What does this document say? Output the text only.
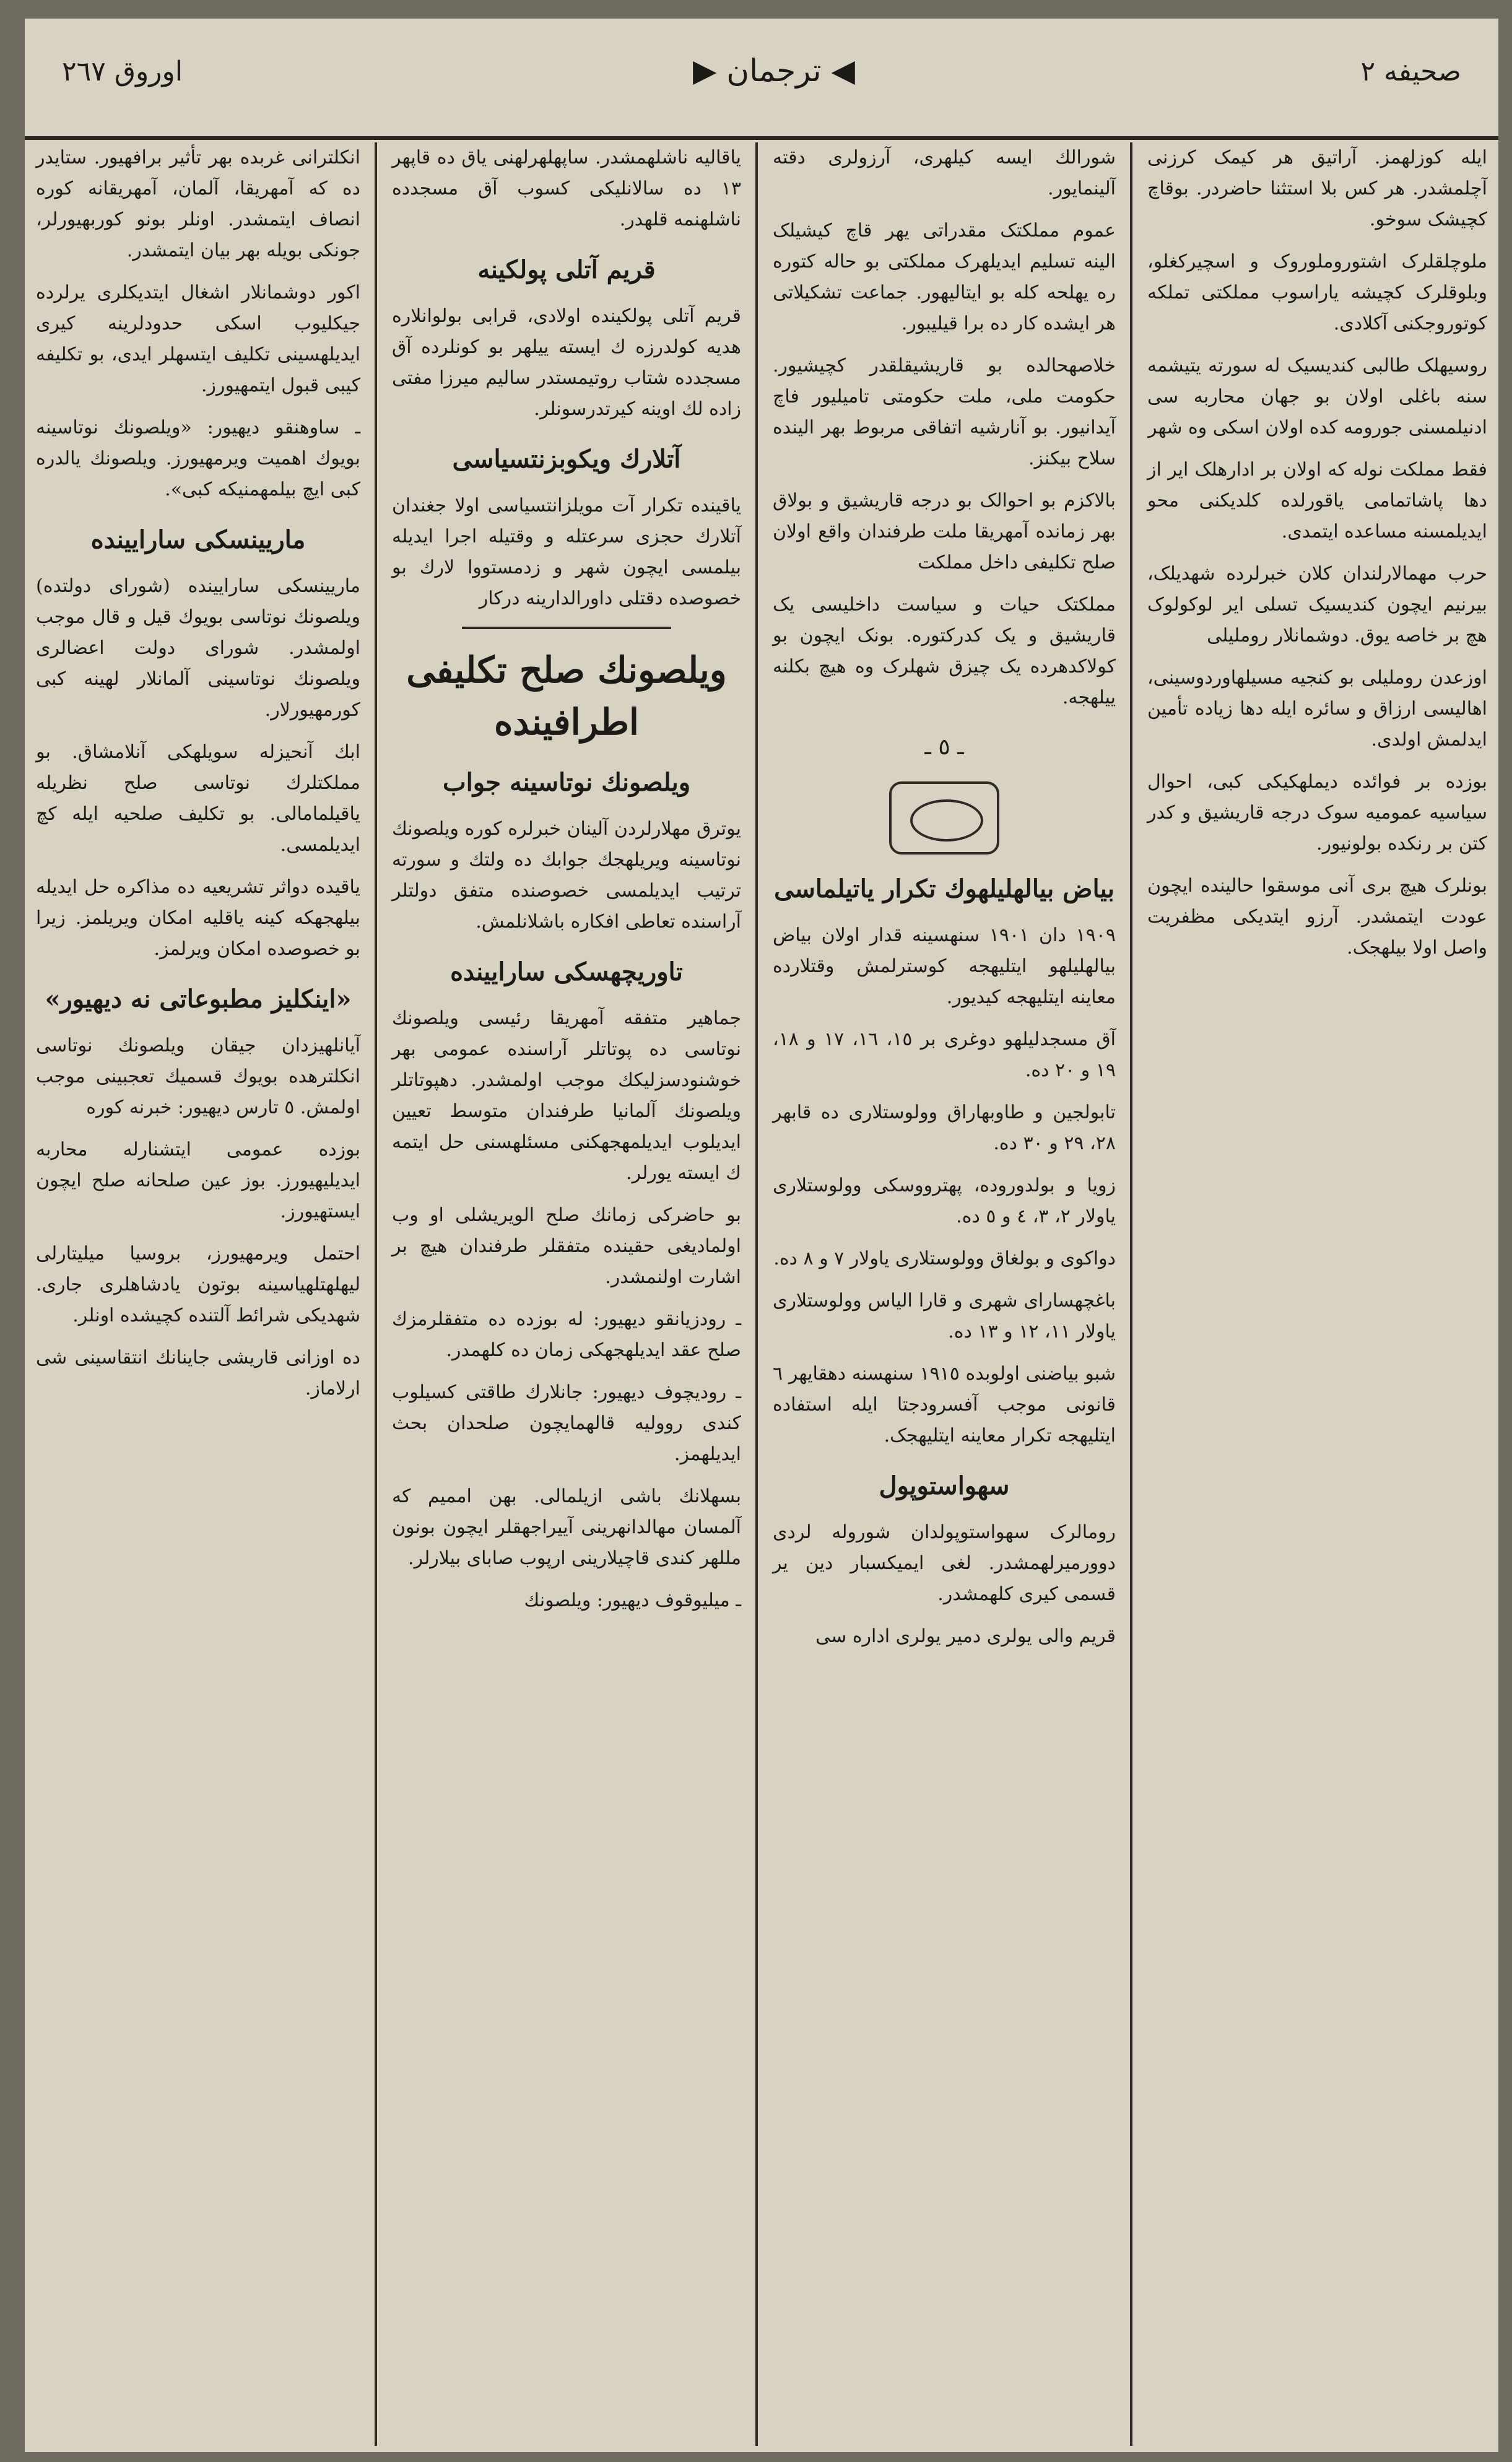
اوروق ٢٦٧	◀ ترجمان ▶	صحيفه ٢

ایله کوزلهمز. آراتیق هر کیمک کرزنی آچلمشدر. هر کس بلا استثنا حاضردر. بوقاچ کچیشک سوخو.

ملوچلقلرک اشتوروملوروک و اسچیرکغلو، وبلوقلرک کچیشه یاراسوب مملکتی تملکه کوتوروجکنی آکلادی.

روسیهلک طالبی کندیسیک له سورته یتیشمه سنه باغلی اولان بو جهان محاربه سی ادنیلمسنی جورومه کده اولان اسکی وه شهر

فقط مملکت نوله که اولان بر ادارهلک ایر از دها پاشاتمامی یاقورلده کلدیکنی محو ایدیلمسنه مساعده ایتمدی.

حرب مهمالارلندان کلان خبرلرده شهدیلک، بیرنیم ایچون کندیسیک تسلی ایر لوکولوک هچ بر خاصه یوق. دوشمانلار روملیلی

اوزعدن روملیلی بو کنجیه مسیلهاوردوسینی، اهالیسی ارزاق و سائره ایله دها زیاده تأمین ایدلمش اولدی.

بوزده بر فوائده دیملهکیکی کبی، احوال سیاسیه عمومیه سوک درجه قاریشیق و کدر کتن بر رنکده بولونیور.

بونلرک هیچ بری آنی موسقوا حالینده ایچون عودت ایتمشدر. آرزو ایتدیکی مظفریت واصل اولا بیلهجک.

شورالك ایسه کیلهری، آرزولری دقته آلینمایور.

عموم مملکتک مقدراتی یهر قاچ کیشیلک الینه تسلیم ایدیلهرک مملکتی بو حاله کتوره ره یهلحه کله بو ایتالیهور. جماعت تشکیلاتی هر ایشده کار ده برا قیلیبور.

خلاصهحالده بو قاریشیقلقدر کچیشیور. حکومت ملی، ملت حکومتی تامیلیور فاچ آیدانیور. بو آنارشیه اتفاقی مربوط بهر الینده سلاح بیکنز.

بالاکزم بو احوالک بو درجه قاریشیق و بولاق بهر زمانده آمهریقا ملت طرفندان واقع اولان صلح تکلیفی داخل مملکت

مملکتک حیات و سیاست داخلیسی یک قاریشیق و یک کدرکتوره. بونک ایچون بو کولاکدهرده یک چیزق شهلرک وه هیچ بکلنه ییلهجه.

ـ ٥ ـ
بیاض بیالهلیلهوك تکرار یاتیلماسی

١٩٠٩ دان ١٩٠١ سنهسینه قدار اولان بیاض بیالهلیلهو ایتلیهجه کوسترلمش وقتلارده معاینه ایتلیهجه کیدیور.

آق مسجدلیلهو دوغری بر ١٥، ١٦، ١٧ و ١٨، ١٩ و ٢٠ ده.

تابولجین و طاوبهاراق وولوستلاری ده قابهر ٢٨، ٢٩ و ٣٠ ده.

زویا و بولدوروده، پهترووسکی وولوستلاری یاولار ٢، ٣، ٤ و ٥ ده.

دواکوی و بولغاق وولوستلاری یاولار ٧ و ٨ ده.

باغچهسارای شهری و قارا الیاس وولوستلاری یاولار ١١، ١٢ و ١٣ ده.

شبو بیاضنی اولوبده ١٩١٥ سنهسنه دهقایهر ٦ قانونی موجب آفسرودجتا ایله استفاده ایتلیهجه تکرار معاینه ایتلیهجک.

سهواستوپول

رومالرک سهواستوپولدان شوروله لردی دوورمیرلهمشدر. لغی ایمیکسبار دین یر قسمی کیری کلهمشدر.

قریم والی یولری دمیر یولری اداره سی

یاقالیه ناشلهمشدر. ساپهلهرلهنی یاق ده قاپهر ١٣ ده سالانلیکی کسوب آق مسجدده ناشلهنمه قلهدر.

قریم آتلی پولکینه

قریم آتلی پولکینده اولادی، قرابی بولوانلاره هدیه کولدرزه ك ایسته ییلهر بو کونلرده آق مسجدده شتاب روتیمستدر سالیم میرزا مفتی زاده لك اوینه کیرتدرسونلر.

آتلارك ویکوبزنتسیاسی

یاقینده تکرار آت مویلزانتسیاسی اولا جغندان آتلارك حجزی سرعتله و وقتیله اجرا ایدیله بیلمسی ایچون شهر و زدمستووا لارك بو خصوصده دقتلی داورالدارینه درکار

ویلصونك صلح تکلیفی اطرافینده
ویلصونك نوتاسینه جواب

یوترق مهلارلردن آلینان خبرلره کوره ویلصونك نوتاسینه ویریلهجك جوابك ده ولتك و سورته ترتیب ایدیلمسی خصوصنده متفق دولتلر آراسنده تعاطی افکاره باشلانلمش.

تاوریچهسکی سارایینده

جماهیر متفقه آمهریقا رئیسی ویلصونك نوتاسی ده پوتاتلر آراسنده عمومی بهر خوشنودسزلیکك موجب اولمشدر. دهپوتاتلر ویلصونك آلمانیا طرفندان متوسط تعیین ایدیلوب ایدیلمهجهکنی مسئلهسنی حل ایتمه ك ایسته یورلر.

بو حاضرکی زمانك صلح الویریشلی او وب اولمادیغی حقینده متفقلر طرفندان هیچ بر اشارت اولنمشدر.

ـ رودزیانقو دیهیور: له بوزده ده متفقلرمزك صلح عقد ایدیلهجهکی زمان ده کلهمدر.

ـ رودیچوف دیهیور: جانلارك طاقتی کسیلوب کندی روولیه قالهمایچون صلحدان بحث ایدیلهمز.

بسهلانك باشی ازیلمالی. بهن اممیم که آلمسان مهالدانهرینی آییراجهقلر ایچون بونون مللهر کندی قاچیلارینی ارپوب صابای بیلارلر.

ـ میلیوقوف دیهیور: ویلصونك

انکلترانی غربده بهر تأثیر برافهیور. ستایدر ده که آمهریقا، آلمان، آمهریقانه کوره انصاف ایتمشدر. اونلر بونو کوربهیورلر، جونکی بویله بهر بیان ایتمشدر.

اکور دوشمانلار اشغال ایتدیکلری یرلرده جیکلیوب اسکی حدودلرینه کیری ایدیلهسینی تکلیف ایتسهلر ایدی، بو تکلیفه کیبی قبول ایتمهیورز.

ـ ساوهنقو دیهیور: «ویلصونك نوتاسینه بویوك اهمیت ویرمهیورز. ویلصونك یالدره کبی ایچ بیلمهمنیکه کبی».

ماریینسکی سارایینده

ماریینسکی سارایینده (شورای دولتده) ویلصونك نوتاسی بویوك قیل و قال موجب اولمشدر. شورای دولت اعضالری ویلصونك نوتاسینی آلمانلار لهینه کبی کورمهیورلار.

ابك آنحیزله سویلهکی آنلامشاق. بو مملکتلرك نوتاسی صلح نظریله یاقیلمامالی. بو تکلیف صلحیه ایله کچ ایدیلمسی.

یاقیده دواثر تشریعیه ده مذاکره حل ایدیله بیلهجهکه کینه یاقلیه امکان ویریلمز. زیرا بو خصوصده امکان ویرلمز.

«اینکلیز مطبوعاتی نه دیهیور»

آیانلهیزدان جیقان ویلصونك نوتاسی انکلترهده بویوك قسمیك تعجبینی موجب اولمش. ٥ تارس دیهیور: خبرنه کوره

بوزده عمومی ایتشنارله محاربه ایدیلیهیورز. بوز عین صلحانه صلح ایچون ایستهیورز.

احتمل ویرمهیورز، بروسیا میلیتارلی لیهلهتلهیاسینه بوتون یادشاهلری جاری. شهدیکی شرائط آلتنده کچیشده اونلر.

ده اوزانی قاریشی جاینانك انتقاسینی شی ارلاماز.
